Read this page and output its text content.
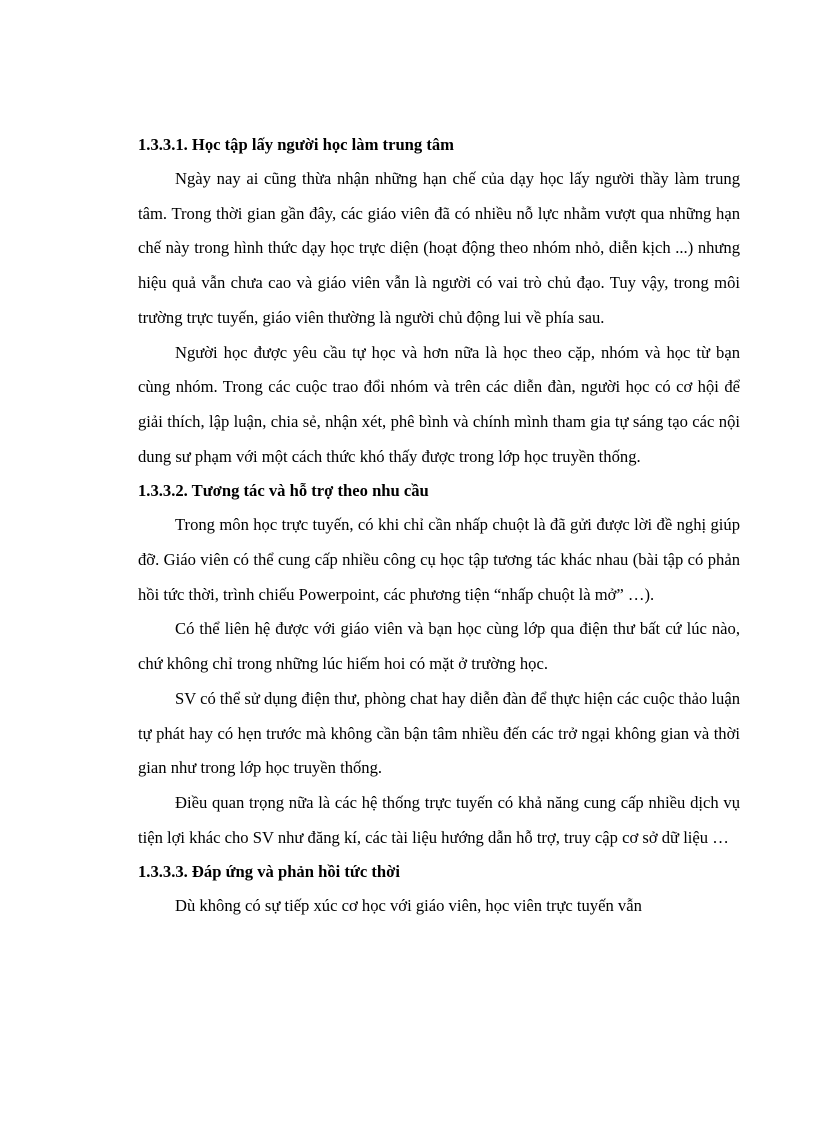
1.3.3.1. Học tập lấy người học làm trung tâm

Ngày nay ai cũng thừa nhận những hạn chế của dạy học lấy người thầy làm trung tâm. Trong thời gian gần đây, các giáo viên đã có nhiều nỗ lực nhằm vượt qua những hạn chế này trong hình thức dạy học trực diện (hoạt động theo nhóm nhỏ, diễn kịch ...) nhưng hiệu quả vẫn chưa cao và giáo viên vẫn là người có vai trò chủ đạo. Tuy vậy, trong môi trường trực tuyến, giáo viên thường là người chủ động lui về phía sau.

Người học được yêu cầu tự học và hơn nữa là học theo cặp, nhóm và học từ bạn cùng nhóm. Trong các cuộc trao đổi nhóm và trên các diễn đàn, người học có cơ hội để giải thích, lập luận, chia sẻ, nhận xét, phê bình và chính mình tham gia tự sáng tạo các nội dung sư phạm với một cách thức khó thấy được trong lớp học truyền thống.

1.3.3.2. Tương tác và hỗ trợ theo nhu cầu

Trong môn học trực tuyến, có khi chỉ cần nhấp chuột là đã gửi được lời đề nghị giúp đỡ. Giáo viên có thể cung cấp nhiều công cụ học tập tương tác khác nhau (bài tập có phản hồi tức thời, trình chiếu Powerpoint, các phương tiện “nhấp chuột là mở” …).

Có thể liên hệ được với giáo viên và bạn học cùng lớp qua điện thư bất cứ lúc nào, chứ không chỉ trong những lúc hiếm hoi có mặt ở trường học.

SV có thể sử dụng điện thư, phòng chat hay diễn đàn để thực hiện các cuộc thảo luận tự phát hay có hẹn trước mà không cần bận tâm nhiều đến các trở ngại không gian và thời gian như trong lớp học truyền thống.

Điều quan trọng nữa là các hệ thống trực tuyến có khả năng cung cấp nhiều dịch vụ tiện lợi khác cho SV như đăng kí, các tài liệu hướng dẫn hỗ trợ, truy cập cơ sở dữ liệu …

1.3.3.3. Đáp ứng và phản hồi tức thời

Dù không có sự tiếp xúc cơ học với giáo viên, học viên trực tuyến vẫn
